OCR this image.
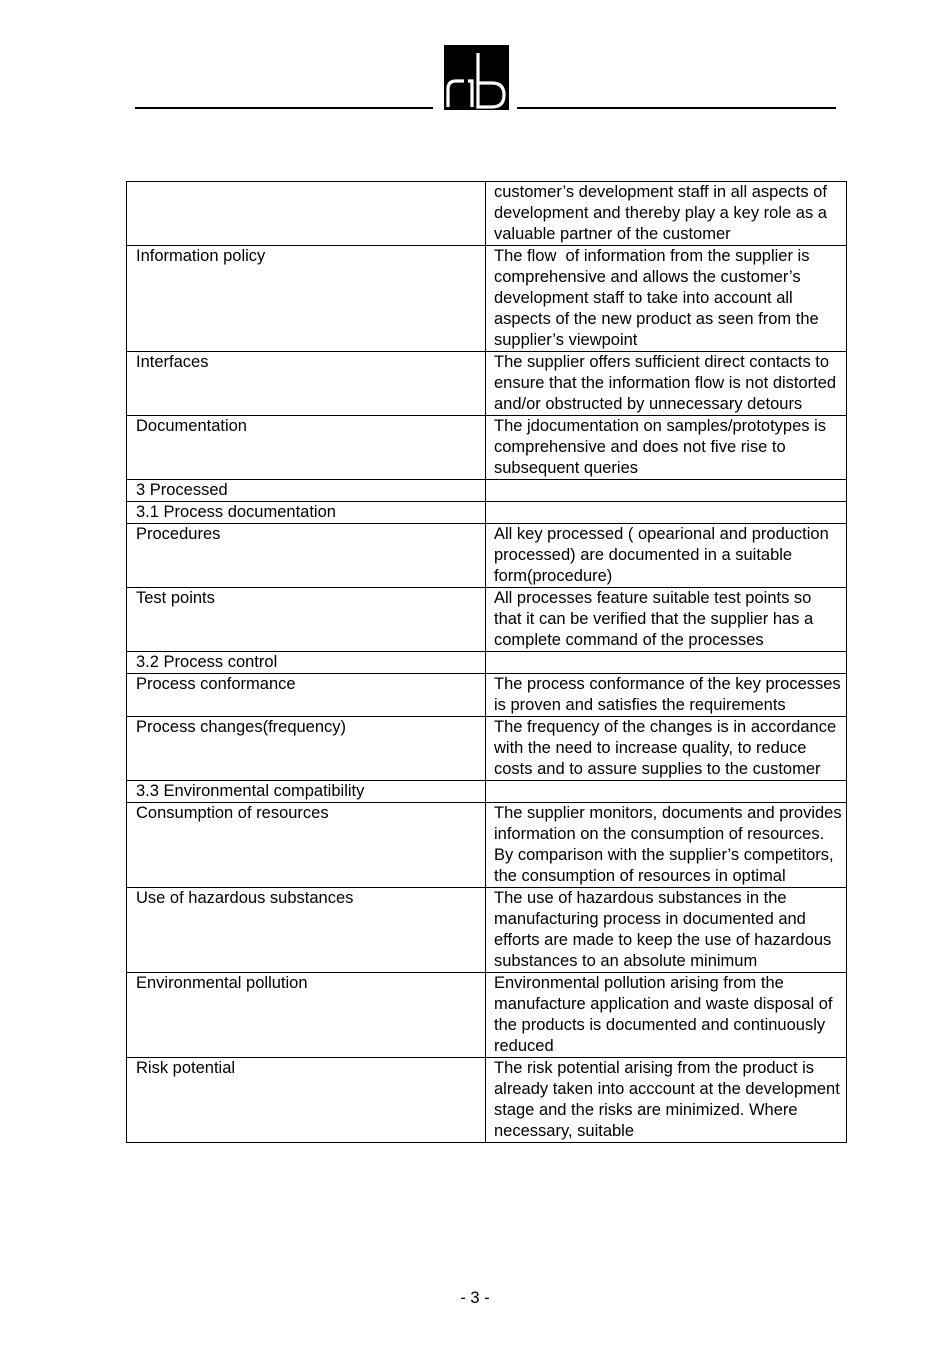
	customer’s development staff in all aspects of development and thereby play a key role as a valuable partner of the customer
Information policy	The flow  of information from the supplier is comprehensive and allows the customer’s development staff to take into account all aspects of the new product as seen from the supplier’s viewpoint
Interfaces	The supplier offers sufficient direct contacts to ensure that the information flow is not distorted and/or obstructed by unnecessary detours
Documentation	The jdocumentation on samples/prototypes is comprehensive and does not five rise to subsequent queries
3 Processed	
3.1 Process documentation	
Procedures	All key processed ( opearional and production processed) are documented in a suitable form(procedure)
Test points	All processes feature suitable test points so that it can be verified that the supplier has a complete command of the processes
3.2 Process control	
Process conformance	The process conformance of the key processes is proven and satisfies the requirements
Process changes(frequency)	The frequency of the changes is in accordance with the need to increase quality, to reduce costs and to assure supplies to the customer
3.3 Environmental compatibility	
Consumption of resources	The supplier monitors, documents and provides information on the consumption of resources. By comparison with the supplier’s competitors, the consumption of resources in optimal
Use of hazardous substances	The use of hazardous substances in the manufacturing process in documented and efforts are made to keep the use of hazardous substances to an absolute minimum
Environmental pollution	Environmental pollution arising from the manufacture application and waste disposal of the products is documented and continuously reduced
Risk potential	The risk potential arising from the product is already taken into acccount at the development stage and the risks are minimized. Where necessary, suitable
- 3 -
